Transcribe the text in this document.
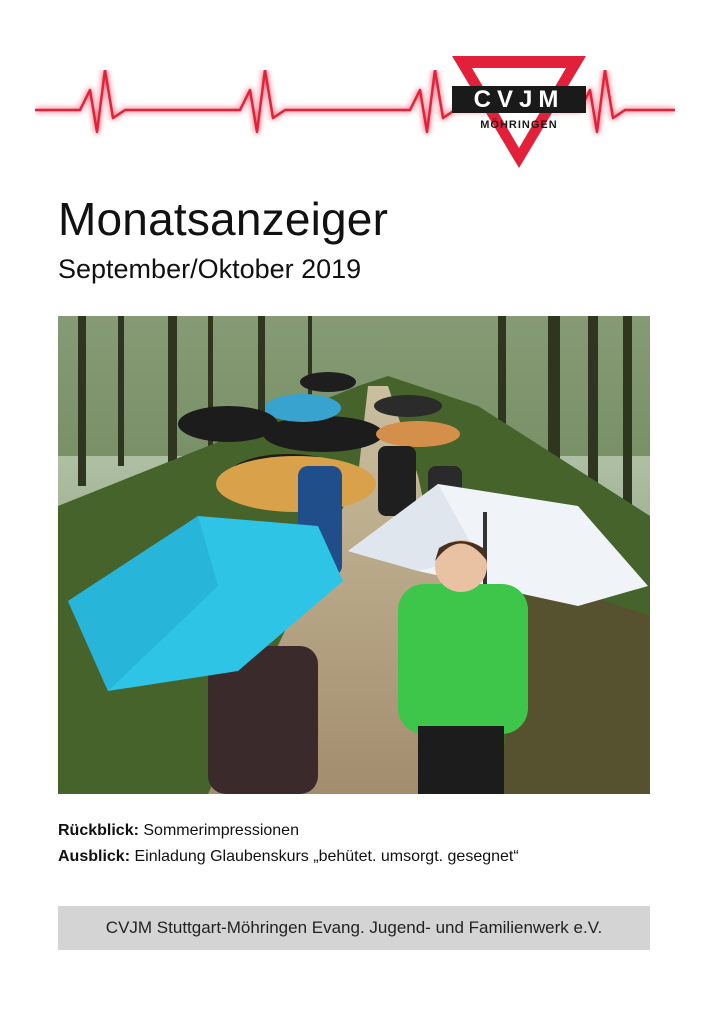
CVJM
MÖHRINGEN
Monatsanzeiger
September/Oktober 2019
Rückblick: Sommerimpressionen
Ausblick: Einladung Glaubenskurs „behütet. umsorgt. gesegnet“
CVJM Stuttgart-Möhringen Evang. Jugend- und Familienwerk e.V.
